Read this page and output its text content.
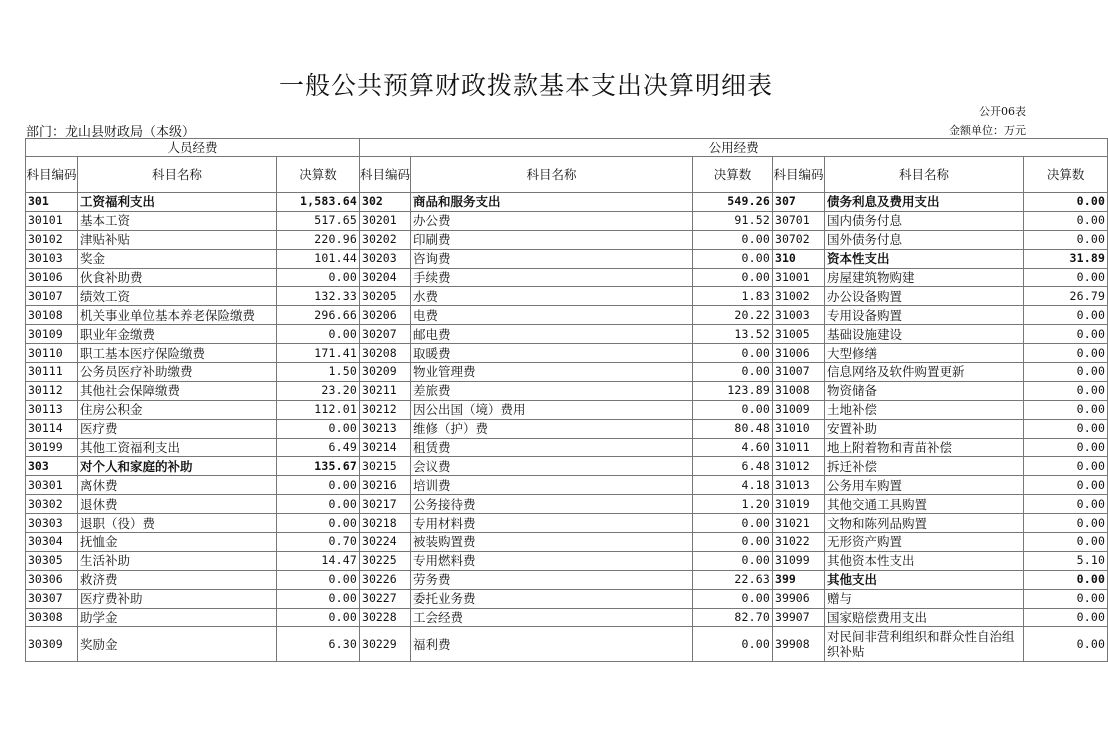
一般公共预算财政拨款基本支出决算明细表
公开06表
部门：龙山县财政局（本级）	金额单位：万元
人员经费			公用经费					
科目编码	科目名称	决算数	科目编码	科目名称	决算数	科目编码	科目名称	决算数
301	工资福利支出	1,583.64	302	商品和服务支出	549.26	307	债务利息及费用支出	0.00
30101	基本工资	517.65	30201	办公费	91.52	30701	国内债务付息	0.00
30102	津贴补贴	220.96	30202	印刷费	0.00	30702	国外债务付息	0.00
30103	奖金	101.44	30203	咨询费	0.00	310	资本性支出	31.89
30106	伙食补助费	0.00	30204	手续费	0.00	31001	房屋建筑物购建	0.00
30107	绩效工资	132.33	30205	水费	1.83	31002	办公设备购置	26.79
30108	机关事业单位基本养老保险缴费	296.66	30206	电费	20.22	31003	专用设备购置	0.00
30109	职业年金缴费	0.00	30207	邮电费	13.52	31005	基础设施建设	0.00
30110	职工基本医疗保险缴费	171.41	30208	取暖费	0.00	31006	大型修缮	0.00
30111	公务员医疗补助缴费	1.50	30209	物业管理费	0.00	31007	信息网络及软件购置更新	0.00
30112	其他社会保障缴费	23.20	30211	差旅费	123.89	31008	物资储备	0.00
30113	住房公积金	112.01	30212	因公出国（境）费用	0.00	31009	土地补偿	0.00
30114	医疗费	0.00	30213	维修（护）费	80.48	31010	安置补助	0.00
30199	其他工资福利支出	6.49	30214	租赁费	4.60	31011	地上附着物和青苗补偿	0.00
303	对个人和家庭的补助	135.67	30215	会议费	6.48	31012	拆迁补偿	0.00
30301	离休费	0.00	30216	培训费	4.18	31013	公务用车购置	0.00
30302	退休费	0.00	30217	公务接待费	1.20	31019	其他交通工具购置	0.00
30303	退职（役）费	0.00	30218	专用材料费	0.00	31021	文物和陈列品购置	0.00
30304	抚恤金	0.70	30224	被装购置费	0.00	31022	无形资产购置	0.00
30305	生活补助	14.47	30225	专用燃料费	0.00	31099	其他资本性支出	5.10
30306	救济费	0.00	30226	劳务费	22.63	399	其他支出	0.00
30307	医疗费补助	0.00	30227	委托业务费	0.00	39906	赠与	0.00
30308	助学金	0.00	30228	工会经费	82.70	39907	国家赔偿费用支出	0.00
30309	奖励金	6.30	30229	福利费	0.00	39908	对民间非营利组织和群众性自治组织补贴	0.00
